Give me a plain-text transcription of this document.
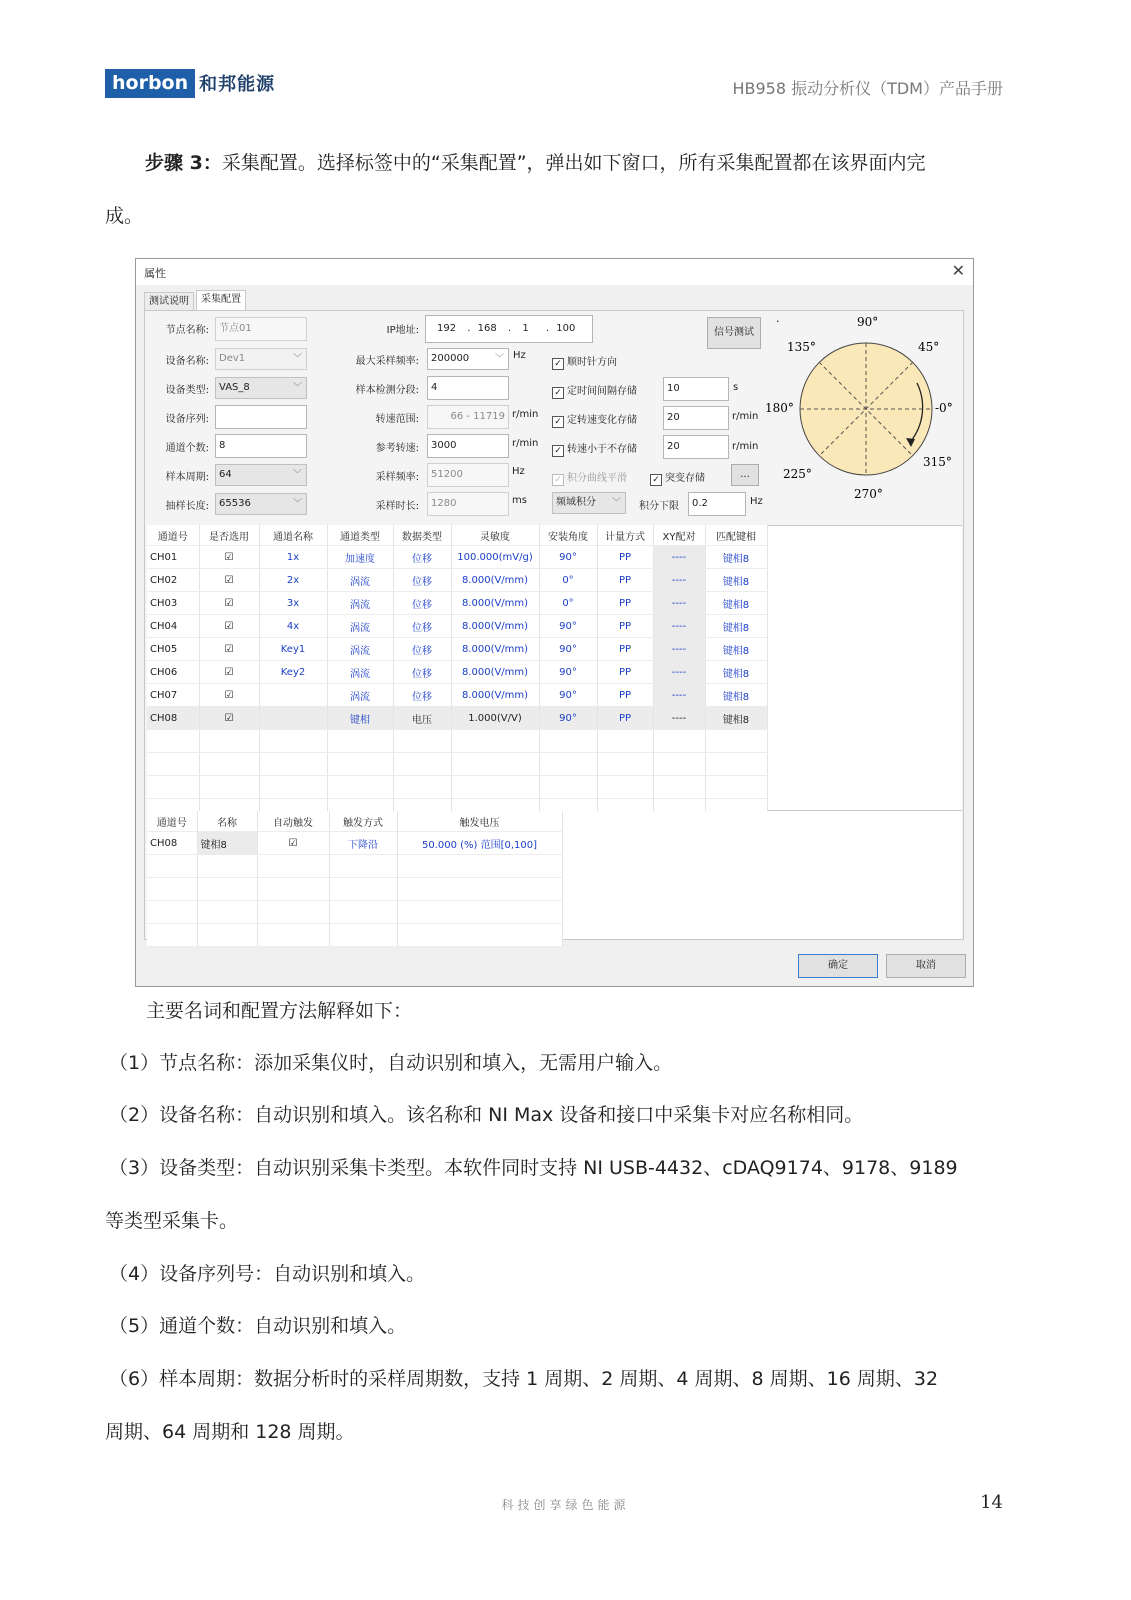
horbon 和邦能源	HB958 振动分析仪（TDM）产品手册
步骤 3：采集配置。选择标签中的“采集配置”，弹出如下窗口，所有采集配置都在该界面内完
成。
属性	✕
测试说明	采集配置
节点名称:	节点01
设备名称:	Dev1	﹀
设备类型:	VAS_8	﹀
设备序列:
通道个数:	8
样本周期:	64	﹀
抽样长度:	65536	﹀
IP地址:	192 . 168 . 1 . 100
最大采样频率:	200000	﹀ Hz
样本检测分段:	4
转速范围:	66 - 11719 r/min
参考转速:	3000	r/min
采样频率:	51200	Hz
采样时长:	1280	ms
信号测试
✓ 顺时针方向
✓ 定时间间隔存储	10	s
✓ 定转速变化存储	20	r/min
✓ 转速小于不存储	20	r/min
✓ 积分曲线平滑	✓ 突变存储	...
频域积分 ﹀ 积分下限	0.2	Hz
·	90°
135°	45°
180°	-0°
225°
315°
270°
通道号	是否选用	通道名称	通道类型	数据类型	灵敏度	安装角度	计量方式	XY配对	匹配键相
CH01	☑	1x	加速度	位移	100.000(mV/g)	90°	PP	----	键相8
CH02	☑	2x	涡流	位移	8.000(V/mm)	0°	PP	----	键相8
CH03	☑	3x	涡流	位移	8.000(V/mm)	0°	PP	----	键相8
CH04	☑	4x	涡流	位移	8.000(V/mm)	90°	PP	----	键相8
CH05	☑	Key1	涡流	位移	8.000(V/mm)	90°	PP	----	键相8
CH06	☑	Key2	涡流	位移	8.000(V/mm)	90°	PP	----	键相8
CH07	☑		涡流	位移	8.000(V/mm)	90°	PP	----	键相8
CH08	☑		键相	电压	1.000(V/V)	90°	PP	----	键相8

通道号	名称	自动触发	触发方式	触发电压
CH08	键相8	☑	下降沿	50.000 (%) 范围[0,100]

确定	取消
主要名词和配置方法解释如下：
（1）节点名称：添加采集仪时，自动识别和填入，无需用户输入。
（2）设备名称：自动识别和填入。该名称和 NI Max 设备和接口中采集卡对应名称相同。
（3）设备类型：自动识别采集卡类型。本软件同时支持 NI USB-4432、cDAQ9174、9178、9189
等类型采集卡。
（4）设备序列号：自动识别和填入。
（5）通道个数：自动识别和填入。
（6）样本周期：数据分析时的采样周期数，支持 1 周期、2 周期、4 周期、8 周期、16 周期、32
周期、64 周期和 128 周期。
科技创享绿色能源	14
